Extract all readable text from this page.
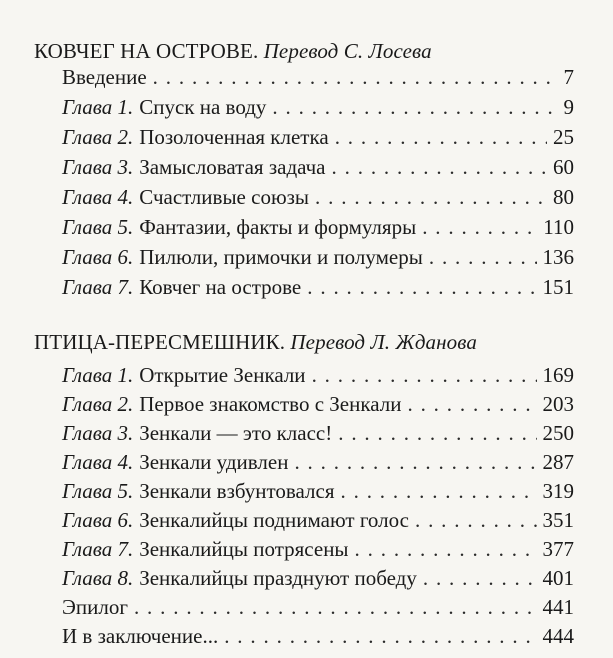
КОВЧЕГ НА ОСТРОВЕ. Перевод С. Лосева
Введение . . .	7
Глава 1. Спуск на воду . . .	9
Глава 2. Позолоченная клетка . . .	25
Глава 3. Замысловатая задача . . .	60
Глава 4. Счастливые союзы . . .	80
Глава 5. Фантазии, факты и формуляры . . .	110
Глава 6. Пилюли, примочки и полумеры . . .	136
Глава 7. Ковчег на острове . . .	151
ПТИЦА-ПЕРЕСМЕШНИК. Перевод Л. Жданова
Глава 1. Открытие Зенкали . . .	169
Глава 2. Первое знакомство с Зенкали . . .	203
Глава 3. Зенкали — это класс! . . .	250
Глава 4. Зенкали удивлен . . .	287
Глава 5. Зенкали взбунтовался . . .	319
Глава 6. Зенкалийцы поднимают голос . . .	351
Глава 7. Зенкалийцы потрясены . . .	377
Глава 8. Зенкалийцы празднуют победу . . .	401
Эпилог . . .	441
И в заключение... . . .	444
